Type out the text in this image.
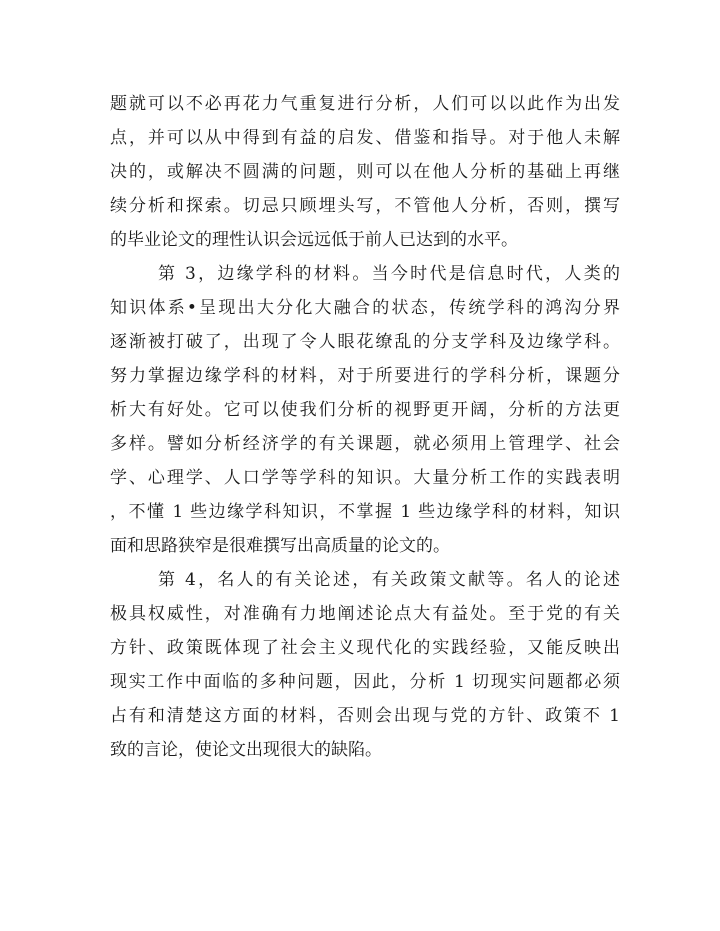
题就可以不必再花力气重复进行分析，人们可以以此作为出发
点，并可以从中得到有益的启发、借鉴和指导。对于他人未解
决的，或解决不圆满的问题，则可以在他人分析的基础上再继
续分析和探索。切忌只顾埋头写，不管他人分析，否则，撰写
的毕业论文的理性认识会远远低于前人已达到的水平。
第 3，边缘学科的材料。当今时代是信息时代，人类的
知识体系•呈现出大分化大融合的状态，传统学科的鸿沟分界
逐渐被打破了，出现了令人眼花缭乱的分支学科及边缘学科。
努力掌握边缘学科的材料，对于所要进行的学科分析，课题分
析大有好处。它可以使我们分析的视野更开阔，分析的方法更
多样。譬如分析经济学的有关课题，就必须用上管理学、社会
学、心理学、人口学等学科的知识。大量分析工作的实践表明
，不懂 1 些边缘学科知识，不掌握 1 些边缘学科的材料，知识
面和思路狭窄是很难撰写出高质量的论文的。
第 4，名人的有关论述，有关政策文献等。名人的论述
极具权威性，对准确有力地阐述论点大有益处。至于党的有关
方针、政策既体现了社会主义现代化的实践经验，又能反映出
现实工作中面临的多种问题，因此，分析 1 切现实问题都必须
占有和清楚这方面的材料，否则会出现与党的方针、政策不 1
致的言论，使论文出现很大的缺陷。
